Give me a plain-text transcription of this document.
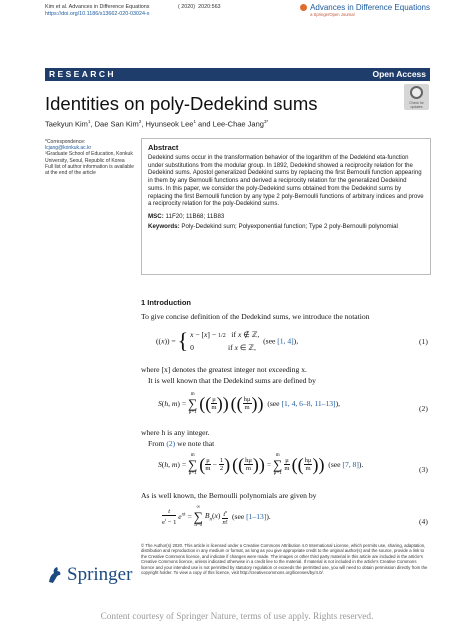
Kim et al. Advances in Difference Equations
https://doi.org/10.1186/s13662-020-03024-x
( 2020)  2020:563	Advances in Difference Equations
a SpringerOpen Journal
RESEARCH	Open Access
Identities on poly-Dedekind sums	Check for updates
Taekyun Kim$^1$, Dae San Kim$^2$, Hyunseok Lee$^1$ and Lee-Chae Jang$^{3*}$
*Correspondence:
lcjang@konkuk.ac.kr
³Graduate School of Education, Konkuk University, Seoul, Republic of Korea
Full list of author information is available at the end of the article
Abstract
Dedekind sums occur in the transformation behavior of the logarithm of the Dedekind eta-function under substitutions from the modular group. In 1892, Dedekind showed a reciprocity relation for the Dedekind sums. Apostol generalized Dedekind sums by replacing the first Bernoulli function appearing in them by any Bernoulli functions and derived a reciprocity relation for the generalized Dedekind sums. In this paper, we consider the poly-Dedekind sums obtained from the Dedekind sums by replacing the first Bernoulli function by any type 2 poly-Bernoulli functions of arbitrary indices and prove a reciprocity relation for the poly-Dedekind sums.
MSC: 11F20; 11B68; 11B83
Keywords: Poly-Dedekind sum; Polyexponential function; Type 2 poly-Bernoulli polynomial
1 Introduction
To give concise definition of the Dedekind sums, we introduce the notation
((x)) = { x − [x] − 1/2   if x ∉ ℤ,
0                  if x ∈ ℤ,
(see [1, 4]),	(1)
where [x] denotes the greatest integer not exceeding x.
It is well known that the Dedekind sums are defined by
S(h, m) = m
∑
μ=1 (( $\frac{\mu}{m}$ )) (( $\frac{h\mu}{m}$ ))  (see [1, 4, 6–8, 11–13]),
(2)
where h is any integer.
From (2) we note that
S(h, m) = m
∑
μ=1 ( $\frac{\mu}{m} - \frac{1}{2}$ ) (( $\frac{h\mu}{m}$ )) = m
∑
μ=1
$\frac{\mu}{m}$ (( $\frac{h\mu}{m}$ ))  (see [7, 8]).
(3)
As is well known, the Bernoulli polynomials are given by
$\frac{t}{e^t - 1} e^{xt}$ = ∞
∑
n=0 $B_n(x) \frac{t^n}{n!} (see$ [1–13]).
(4)
© The Author(s) 2020. This article is licensed under a Creative Commons Attribution 4.0 International License, which permits use, sharing, adaptation, distribution and reproduction in any medium or format, as long as you give appropriate credit to the original author(s) and the source, provide a link to the Creative Commons licence, and indicate if changes were made. The images or other third party material in this article are included in the article's Creative Commons licence, unless indicated otherwise in a credit line to the material. If material is not included in the article's Creative Commons licence and your intended use is not permitted by statutory regulation or exceeds the permitted use, you will need to obtain permission directly from the copyright holder. To view a copy of this licence, visit http://creativecommons.org/licenses/by/4.0/.
Springer
Content courtesy of Springer Nature, terms of use apply. Rights reserved.
